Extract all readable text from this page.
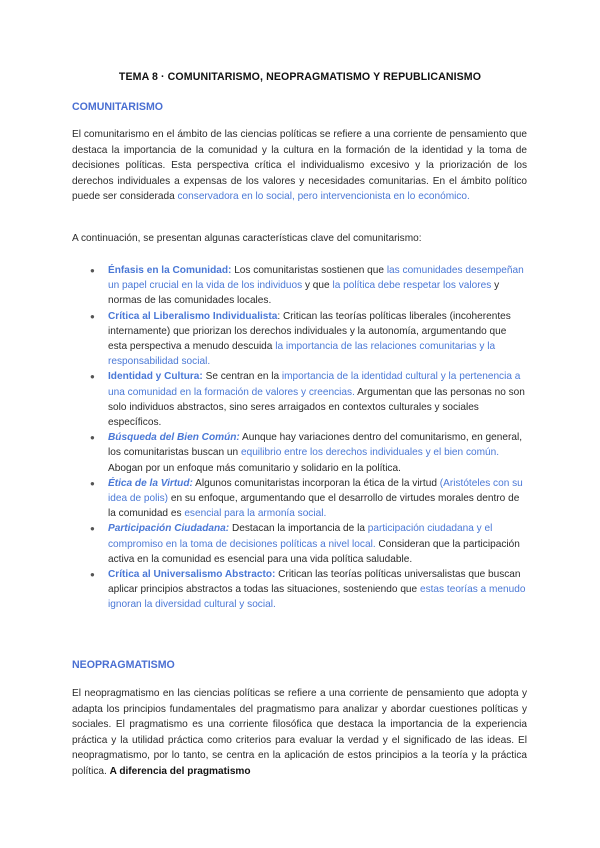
TEMA 8 · COMUNITARISMO, NEOPRAGMATISMO Y REPUBLICANISMO
COMUNITARISMO
El comunitarismo en el ámbito de las ciencias políticas se refiere a una corriente de pensamiento que destaca la importancia de la comunidad y la cultura en la formación de la identidad y la toma de decisiones políticas. Esta perspectiva crítica el individualismo excesivo y la priorización de los derechos individuales a expensas de los valores y necesidades comunitarias. En el ámbito político puede ser considerada conservadora en lo social, pero intervencionista en lo económico.
A continuación, se presentan algunas características clave del comunitarismo:
● Énfasis en la Comunidad: Los comunitaristas sostienen que las comunidades desempeñan un papel crucial en la vida de los individuos y que la política debe respetar los valores y normas de las comunidades locales.
● Crítica al Liberalismo Individualista: Critican las teorías políticas liberales (incoherentes internamente) que priorizan los derechos individuales y la autonomía, argumentando que esta perspectiva a menudo descuida la importancia de las relaciones comunitarias y la responsabilidad social.
● Identidad y Cultura: Se centran en la importancia de la identidad cultural y la pertenencia a una comunidad en la formación de valores y creencias. Argumentan que las personas no son solo individuos abstractos, sino seres arraigados en contextos culturales y sociales específicos.
● Búsqueda del Bien Común: Aunque hay variaciones dentro del comunitarismo, en general, los comunitaristas buscan un equilibrio entre los derechos individuales y el bien común. Abogan por un enfoque más comunitario y solidario en la política.
● Ética de la Virtud: Algunos comunitaristas incorporan la ética de la virtud (Aristóteles con su idea de polis) en su enfoque, argumentando que el desarrollo de virtudes morales dentro de la comunidad es esencial para la armonía social.
● Participación Ciudadana: Destacan la importancia de la participación ciudadana y el compromiso en la toma de decisiones políticas a nivel local. Consideran que la participación activa en la comunidad es esencial para una vida política saludable.
● Crítica al Universalismo Abstracto: Critican las teorías políticas universalistas que buscan aplicar principios abstractos a todas las situaciones, sosteniendo que estas teorías a menudo ignoran la diversidad cultural y social.
NEOPRAGMATISMO
El neopragmatismo en las ciencias políticas se refiere a una corriente de pensamiento que adopta y adapta los principios fundamentales del pragmatismo para analizar y abordar cuestiones políticas y sociales. El pragmatismo es una corriente filosófica que destaca la importancia de la experiencia práctica y la utilidad práctica como criterios para evaluar la verdad y el significado de las ideas. El neopragmatismo, por lo tanto, se centra en la aplicación de estos principios a la teoría y la práctica política. A diferencia del pragmatismo
